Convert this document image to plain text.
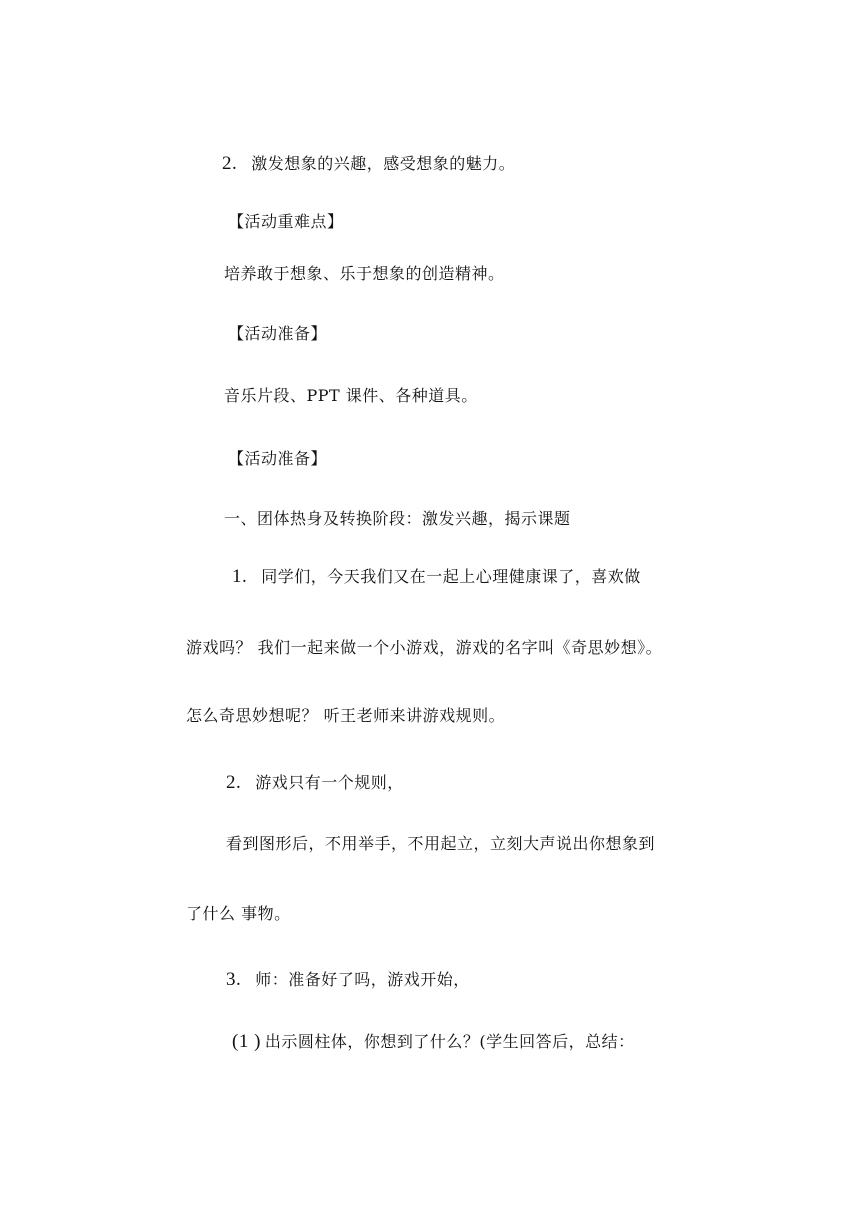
2. 激发想象的兴趣，感受想象的魅力。
【活动重难点】
培养敢于想象、乐于想象的创造精神。
【活动准备】
音乐片段、PPT 课件、各种道具。
【活动准备】
一、团体热身及转换阶段：激发兴趣，揭示课题
1. 同学们，今天我们又在一起上心理健康课了，喜欢做
游戏吗？ 我们一起来做一个小游戏，游戏的名字叫《奇思妙想》。
怎么奇思妙想呢？ 听王老师来讲游戏规则。
2. 游戏只有一个规则，
看到图形后，不用举手，不用起立，立刻大声说出你想象到
了什么 事物。
3. 师：准备好了吗，游戏开始，
(1 ) 出示圆柱体，你想到了什么？(学生回答后，总结：
